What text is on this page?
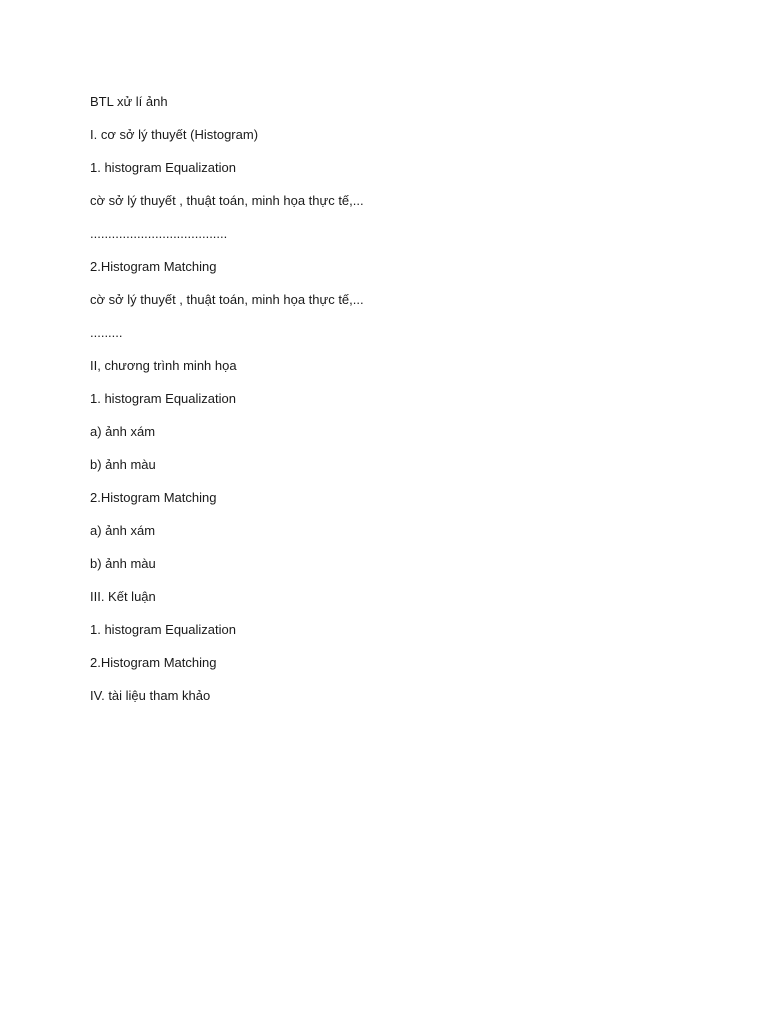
BTL xử lí ảnh
I. cơ sở lý thuyết (Histogram)
1. histogram Equalization
cờ sở lý thuyết , thuật toán, minh họa thực tế,...
......................................
2.Histogram Matching
cờ sở lý thuyết , thuật toán, minh họa thực tế,...
.........
II, chương trình minh họa
1. histogram Equalization
a) ảnh xám
b) ảnh màu
2.Histogram Matching
a) ảnh xám
b) ảnh màu
III. Kết luận
1. histogram Equalization
2.Histogram Matching
IV. tài liệu tham khảo
